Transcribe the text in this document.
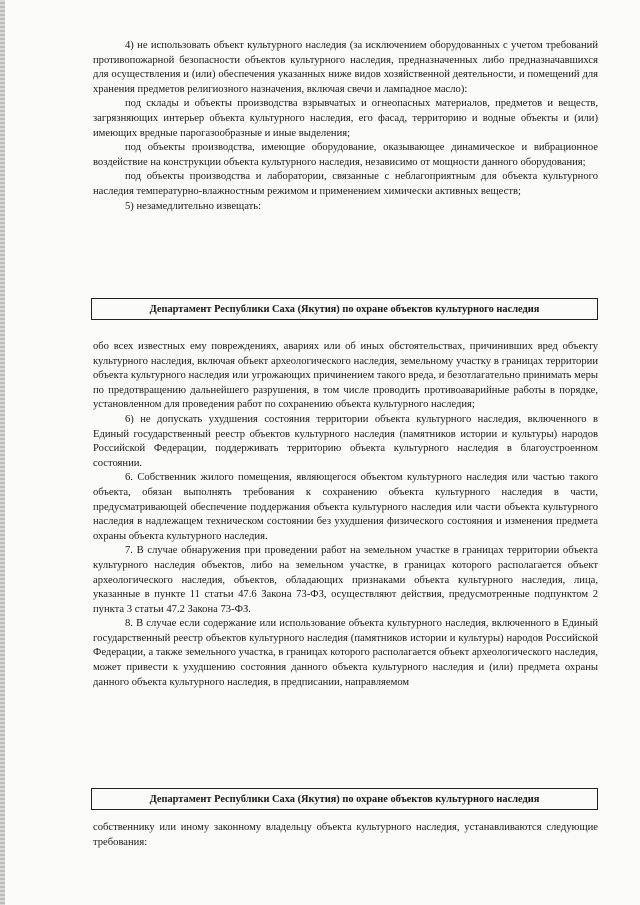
4) не использовать объект культурного наследия (за исключением оборудованных с учетом требований противопожарной безопасности объектов культурного наследия, предназначенных либо предназначавшихся для осуществления и (или) обеспечения указанных ниже видов хозяйственной деятельности, и помещений для хранения предметов религиозного назначения, включая свечи и лампадное масло):

под склады и объекты производства взрывчатых и огнеопасных материалов, предметов и веществ, загрязняющих интерьер объекта культурного наследия, его фасад, территорию и водные объекты и (или) имеющих вредные парогазообразные и иные выделения;

под объекты производства, имеющие оборудование, оказывающее динамическое и вибрационное воздействие на конструкции объекта культурного наследия, независимо от мощности данного оборудования;

под объекты производства и лаборатории, связанные с неблагоприятным для объекта культурного наследия температурно-влажностным режимом и применением химически активных веществ;

5) незамедлительно извещать:

Департамент Республики Саха (Якутия) по охране объектов культурного наследия

обо всех известных ему повреждениях, авариях или об иных обстоятельствах, причинивших вред объекту культурного наследия, включая объект археологического наследия, земельному участку в границах территории объекта культурного наследия или угрожающих причинением такого вреда, и безотлагательно принимать меры по предотвращению дальнейшего разрушения, в том числе проводить противоаварийные работы в порядке, установленном для проведения работ по сохранению объекта культурного наследия;

6) не допускать ухудшения состояния территории объекта культурного наследия, включенного в Единый государственный реестр объектов культурного наследия (памятников истории и культуры) народов Российской Федерации, поддерживать территорию объекта культурного наследия в благоустроенном состоянии.

6. Собственник жилого помещения, являющегося объектом культурного наследия или частью такого объекта, обязан выполнять требования к сохранению объекта культурного наследия в части, предусматривающей обеспечение поддержания объекта культурного наследия или части объекта культурного наследия в надлежащем техническом состоянии без ухудшения физического состояния и изменения предмета охраны объекта культурного наследия.

7. В случае обнаружения при проведении работ на земельном участке в границах территории объекта культурного наследия объектов, либо на земельном участке, в границах которого располагается объект археологического наследия, объектов, обладающих признаками объекта культурного наследия, лица, указанные в пункте 11 статьи 47.6 Закона 73-ФЗ, осуществляют действия, предусмотренные подпунктом 2 пункта 3 статьи 47.2 Закона 73-ФЗ.

8. В случае если содержание или использование объекта культурного наследия, включенного в Единый государственный реестр объектов культурного наследия (памятников истории и культуры) народов Российской Федерации, а также земельного участка, в границах которого располагается объект археологического наследия, может привести к ухудшению состояния данного объекта культурного наследия и (или) предмета охраны данного объекта культурного наследия, в предписании, направляемом

Департамент Республики Саха (Якутия) по охране объектов культурного наследия

собственнику или иному законному владельцу объекта культурного наследия, устанавливаются следующие требования:
